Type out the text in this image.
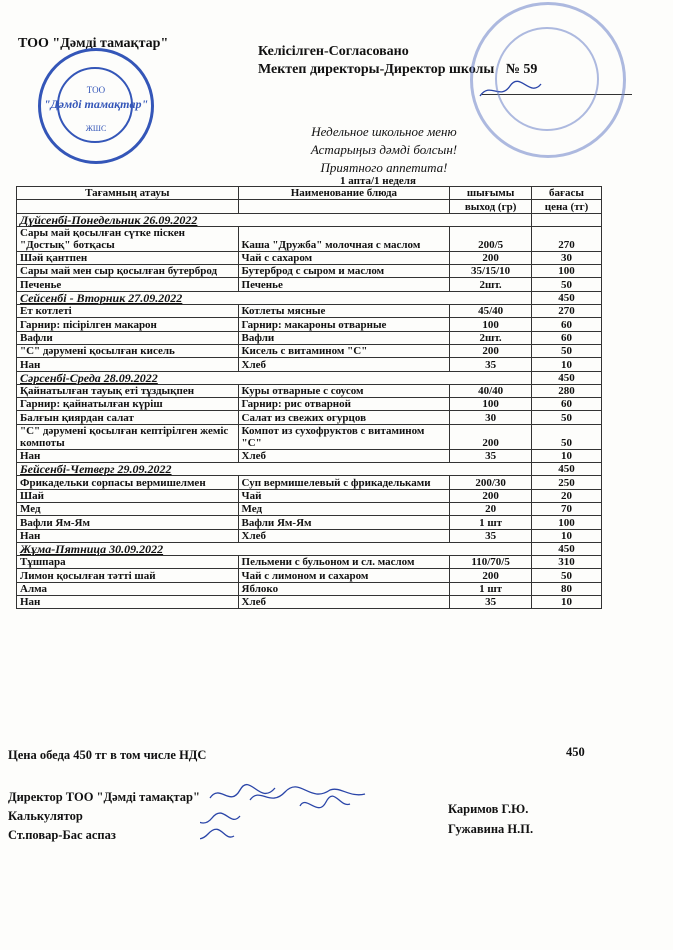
ТОО "Дәмді тамақтар"
Келісілген-Согласовано
Мектеп директоры-Директор школы № 59
ТОО
"Дәмді тамақтар"
ЖШС	Недельное школьное меню
Астарыңыз дәмді болсын!
Приятного аппетита!
1 апта/1 неделя
Тағамның атауы	Наименование блюда	шығымы	бағасы
		выход (гр)	цена (тг)
Дүйсенбі-Понедельник 26.09.2022			
Сары май қосылған сүтке піскен "Достық" ботқасы	Каша "Дружба" молочная с маслом	200/5	270
Шәй қантпен	Чай с сахаром	200	30
Сары май мен сыр қосылған бутерброд	Бутерброд с сыром и маслом	35/15/10	100
Печенье	Печенье	2шт.	50
Сейсенбі - Вторник 27.09.2022			450
Ет котлеті	Котлеты мясные	45/40	270
Гарнир: пісірілген макарон	Гарнир: макароны отварные	100	60
Вафли	Вафли	2шт.	60
"С" дәрумені қосылған кисель	Кисель с витамином "С"	200	50
Нан	Хлеб	35	10
Сәрсенбі-Среда 28.09.2022			450
Қайнатылған тауық еті тұздықпен	Куры отварные с соусом	40/40	280
Гарнир: қайнатылған күріш	Гарнир: рис отварной	100	60
Балғын қиярдан салат	Салат из свежих огурцов	30	50
"С" дәрумені қосылған кептірілген жеміс компоты	Компот из сухофруктов с витамином "С"	200	50
Нан	Хлеб	35	10
Бейсенбі-Четверг 29.09.2022			450
Фрикадельки сорпасы вермишелмен	Суп вермишелевый с фрикадельками	200/30	250
Шай	Чай	200	20
Мед	Мед	20	70
Вафли Ям-Ям	Вафли Ям-Ям	1 шт	100
Нан	Хлеб	35	10
Жұма-Пятница 30.09.2022			450
Тұшпара	Пельмени с бульоном и сл. маслом	110/70/5	310
Лимон қосылған тәтті шай	Чай с лимоном и сахаром	200	50
Алма	Яблоко	1 шт	80
Нан	Хлеб	35	10
Цена обеда 450 тг в том числе НДС	450
Директор ТОО "Дәмді тамақтар"
Калькулятор
Ст.повар-Бас аспаз
Каримов Г.Ю.
Гужавина Н.П.
